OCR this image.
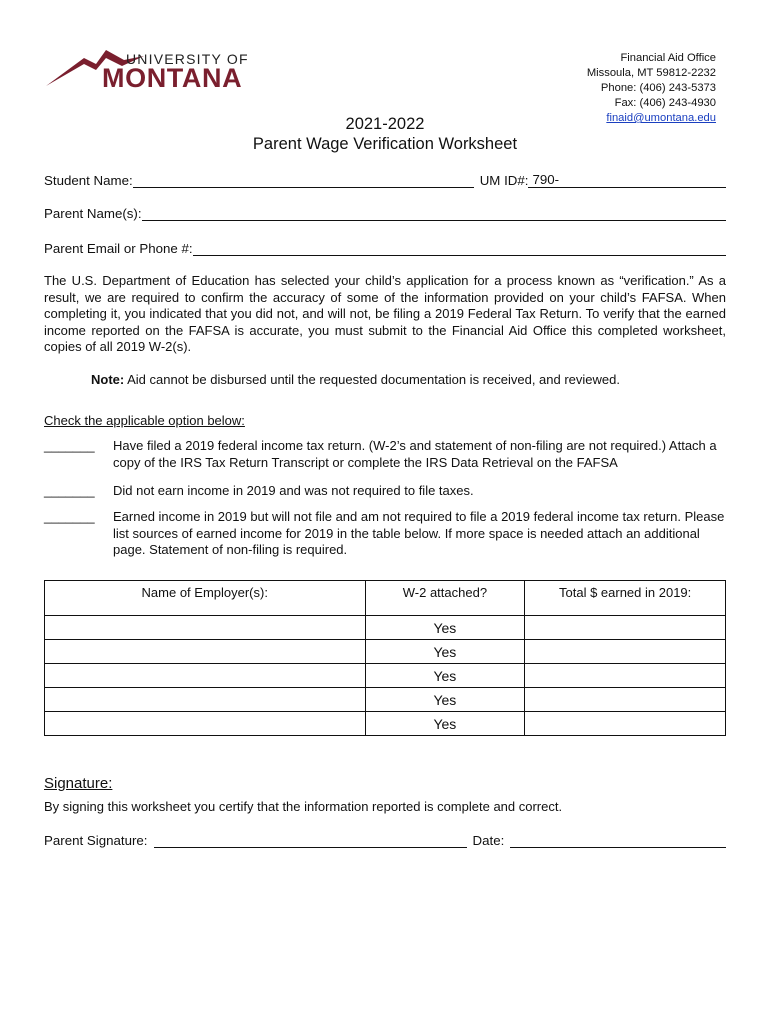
UNIVERSITY OF
MONTANA
Financial Aid Office
Missoula, MT 59812-2232
Phone: (406) 243-5373
Fax: (406) 243-4930
finaid@umontana.edu
2021-2022
Parent Wage Verification Worksheet
Student Name:	UM ID#: 790-
Parent Name(s):
Parent Email or Phone #:
The U.S. Department of Education has selected your child’s application for a process known as “verification.” As a result, we are required to confirm the accuracy of some of the information provided on your child’s FAFSA. When completing it, you indicated that you did not, and will not, be filing a 2019 Federal Tax Return. To verify that the earned income reported on the FAFSA is accurate, you must submit to the Financial Aid Office this completed worksheet, copies of all 2019 W-2(s).
Note: Aid cannot be disbursed until the requested documentation is received, and reviewed.
Check the applicable option below:
_______ Have filed a 2019 federal income tax return. (W-2’s and statement of non-filing are not required.) Attach a copy of the IRS Tax Return Transcript or complete the IRS Data Retrieval on the FAFSA
_______ Did not earn income in 2019 and was not required to file taxes.
_______ Earned income in 2019 but will not file and am not required to file a 2019 federal income tax return. Please list sources of earned income for 2019 in the table below. If more space is needed attach an additional page. Statement of non-filing is required.
Name of Employer(s):	W-2 attached?	Total $ earned in 2019:
	Yes	
	Yes	
	Yes	
	Yes	
	Yes	
Signature:
By signing this worksheet you certify that the information reported is complete and correct.
Parent Signature:	Date:
